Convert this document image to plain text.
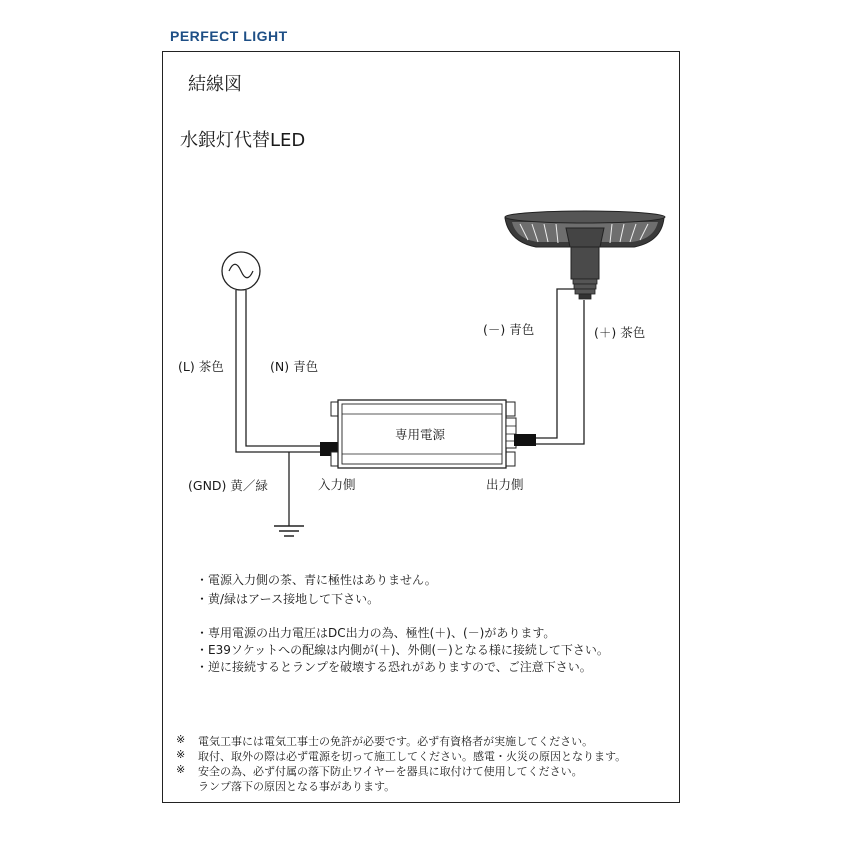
PERFECT LIGHT
結線図
水銀灯代替LED
(L) 茶色	(N) 青色
(GND) 黄／緑
(－) 青色	(＋) 茶色
専用電源
入力側	出力側
・電源入力側の茶、青に極性はありません。
・黄/緑はアース接地して下さい。
・専用電源の出力電圧はDC出力の為、極性(＋)、(－)があります。
・E39ソケットへの配線は内側が(＋)、外側(－)となる様に接続して下さい。
・逆に接続するとランプを破壊する恐れがありますので、ご注意下さい。
※ 電気工事には電気工事士の免許が必要です。必ず有資格者が実施してください。
※ 取付、取外の際は必ず電源を切って施工してください。感電・火災の原因となります。
※ 安全の為、必ず付属の落下防止ワイヤーを器具に取付けて使用してください。
ランプ落下の原因となる事があります。
